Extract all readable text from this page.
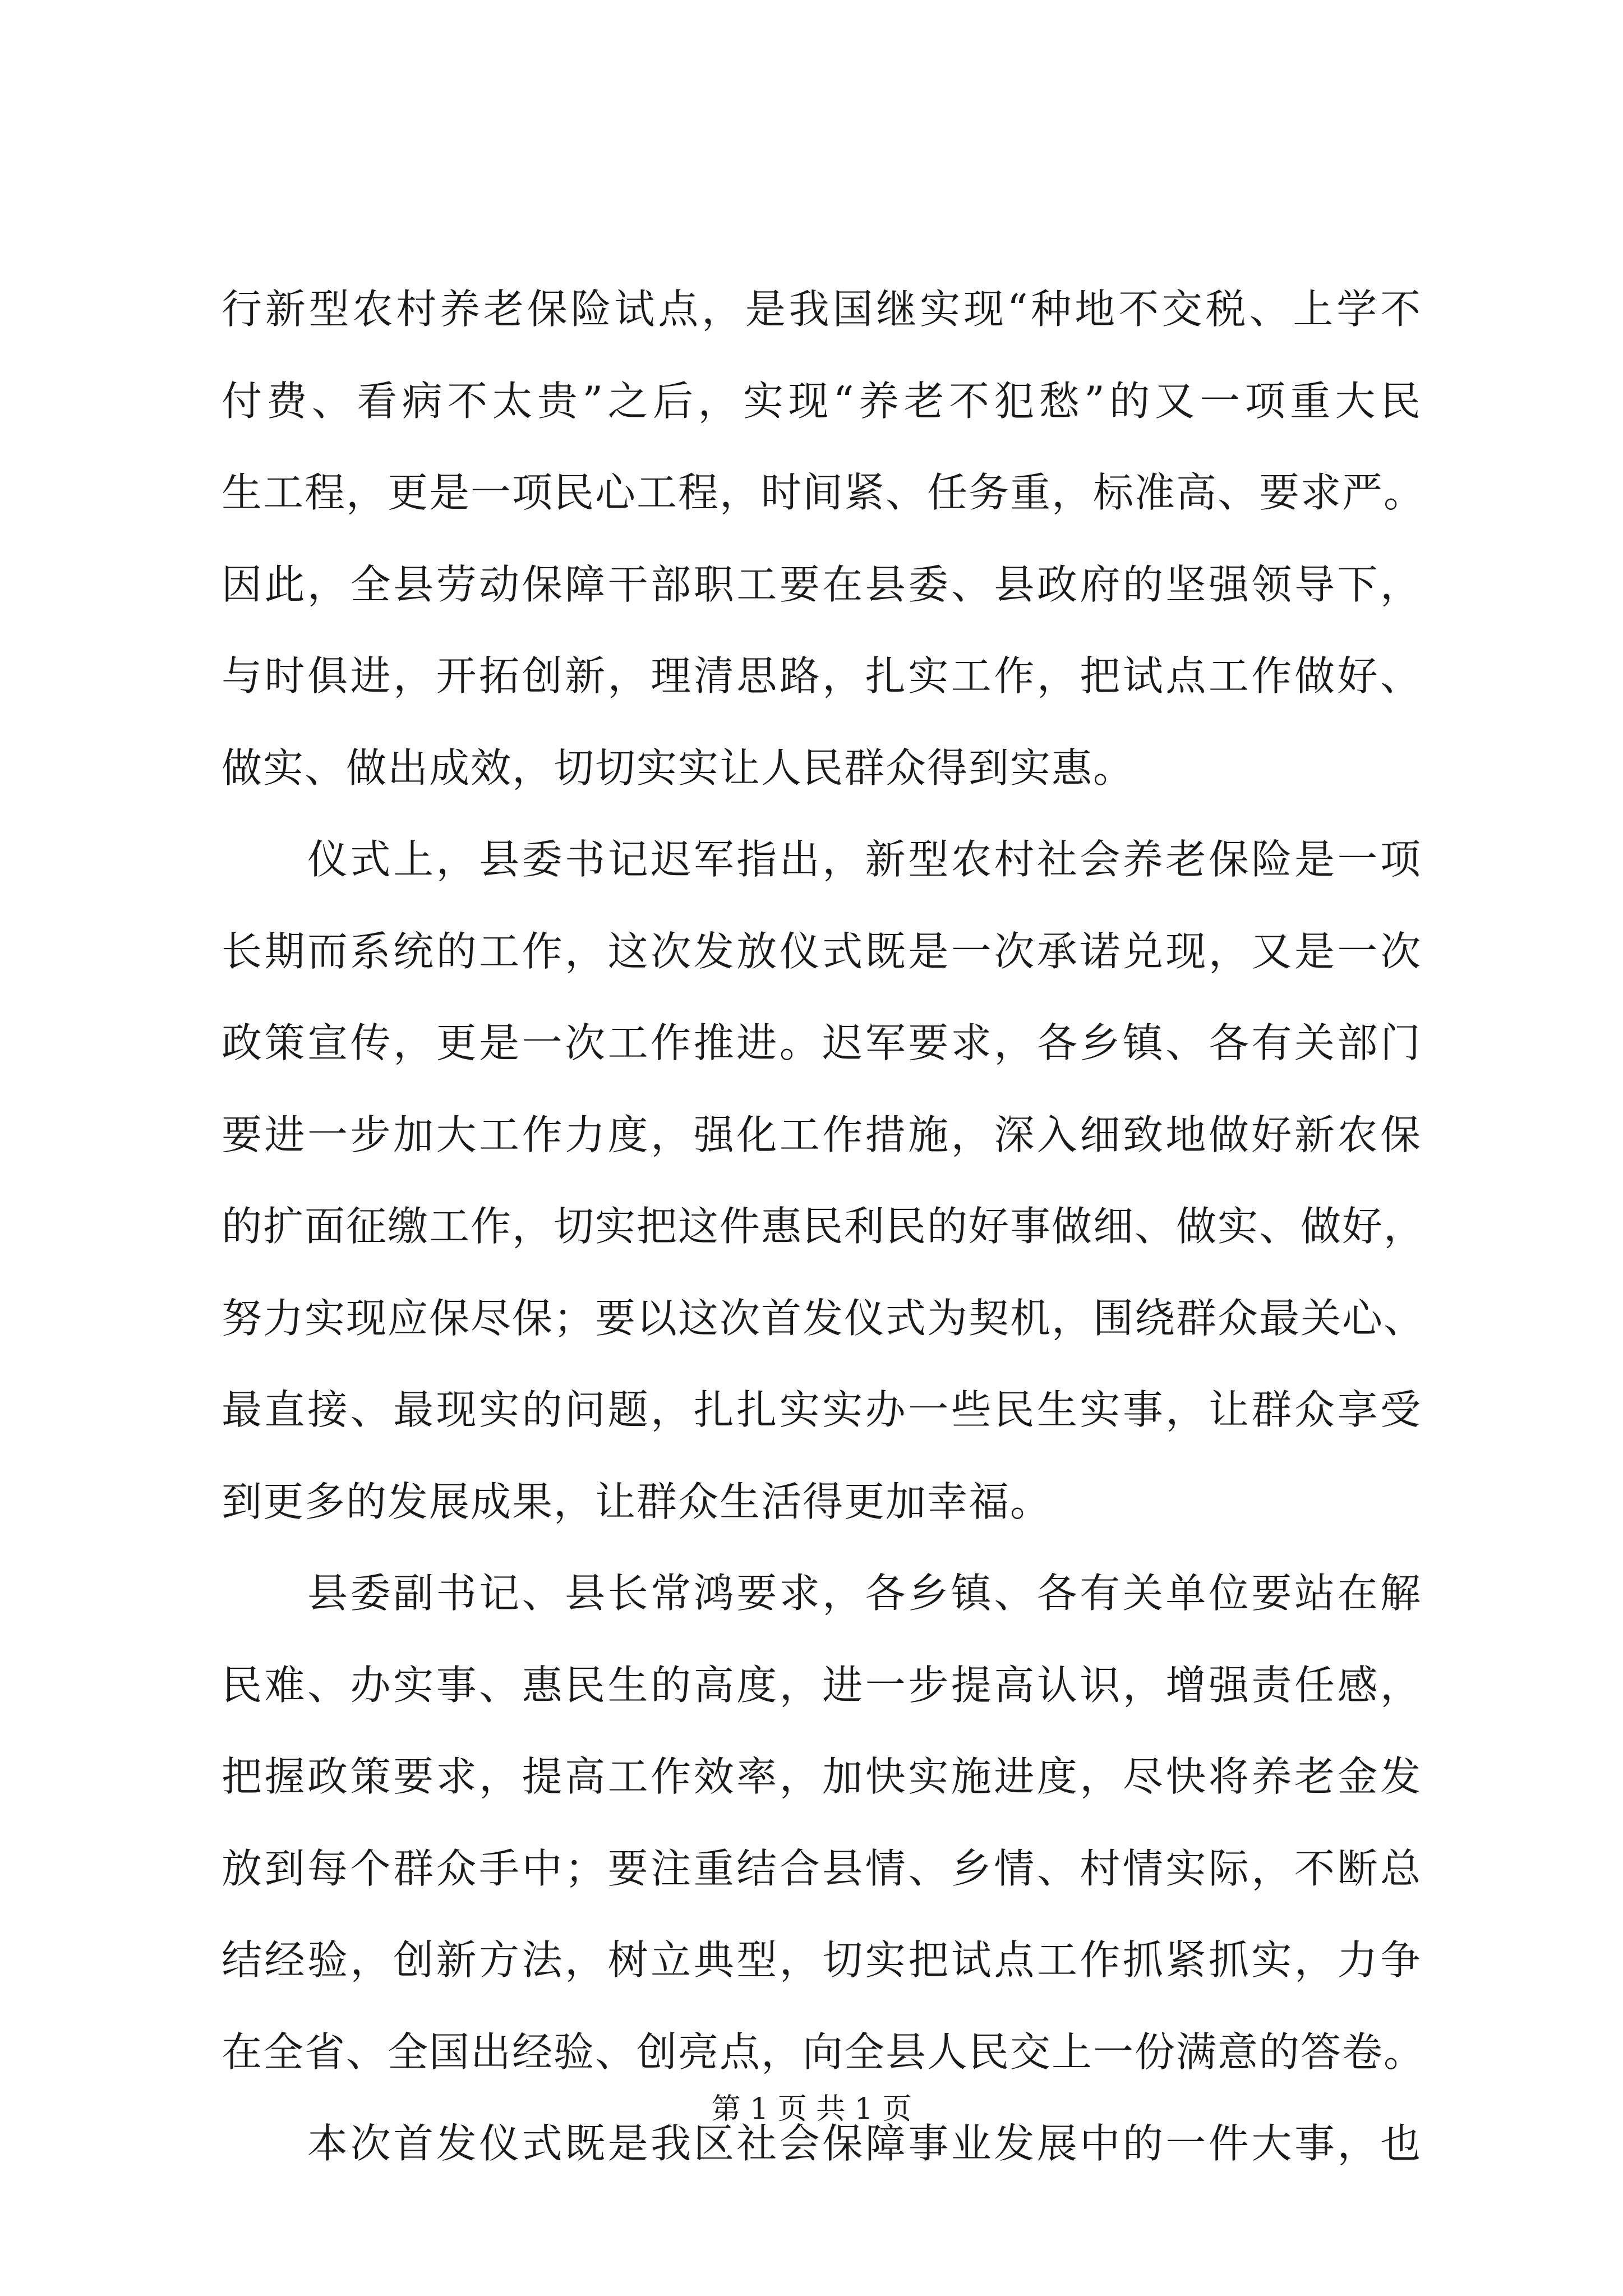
行新型农村养老保险试点，是我国继实现“种地不交税、上学不
付费、看病不太贵”之后，实现“养老不犯愁”的又一项重大民
生工程，更是一项民心工程，时间紧、任务重，标准高、要求严。
因此，全县劳动保障干部职工要在县委、县政府的坚强领导下，
与时俱进，开拓创新，理清思路，扎实工作，把试点工作做好、
做实、做出成效，切切实实让人民群众得到实惠。

　　仪式上，县委书记迟军指出，新型农村社会养老保险是一项
长期而系统的工作，这次发放仪式既是一次承诺兑现，又是一次
政策宣传，更是一次工作推进。迟军要求，各乡镇、各有关部门
要进一步加大工作力度，强化工作措施，深入细致地做好新农保
的扩面征缴工作，切实把这件惠民利民的好事做细、做实、做好，
努力实现应保尽保；要以这次首发仪式为契机，围绕群众最关心、
最直接、最现实的问题，扎扎实实办一些民生实事，让群众享受
到更多的发展成果，让群众生活得更加幸福。

　　县委副书记、县长常鸿要求，各乡镇、各有关单位要站在解
民难、办实事、惠民生的高度，进一步提高认识，增强责任感，
把握政策要求，提高工作效率，加快实施进度，尽快将养老金发
放到每个群众手中；要注重结合县情、乡情、村情实际，不断总
结经验，创新方法，树立典型，切实把试点工作抓紧抓实，力争
在全省、全国出经验、创亮点，向全县人民交上一份满意的答卷。

　　本次首发仪式既是我区社会保障事业发展中的一件大事，也

第 1 页 共 1 页
